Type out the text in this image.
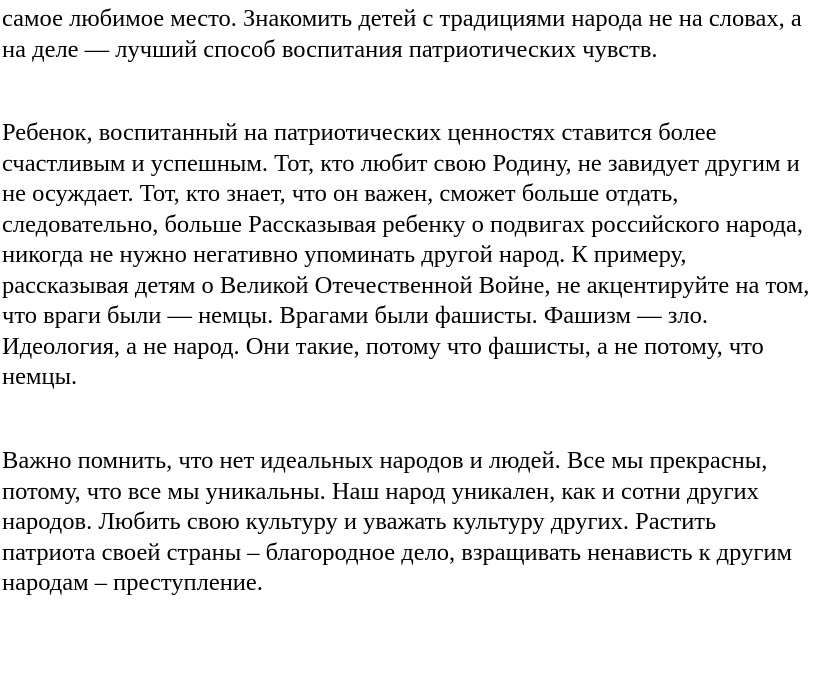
самое любимое место. Знакомить детей с традициями народа не на словах, а
на деле — лучший способ воспитания патриотических чувств.

Ребенок, воспитанный на патриотических ценностях ставится более
счастливым и успешным. Тот, кто любит свою Родину, не завидует другим и
не осуждает. Тот, кто знает, что он важен, сможет больше отдать,
следовательно, больше Рассказывая ребенку о подвигах российского народа,
никогда не нужно негативно упоминать другой народ. К примеру,
рассказывая детям о Великой Отечественной Войне, не акцентируйте на том,
что враги были — немцы. Врагами были фашисты. Фашизм — зло.
Идеология, а не народ. Они такие, потому что фашисты, а не потому, что
немцы.

Важно помнить, что нет идеальных народов и людей. Все мы прекрасны,
потому, что все мы уникальны. Наш народ уникален, как и сотни других
народов. Любить свою культуру и уважать культуру других. Растить
патриота своей страны – благородное дело, взращивать ненависть к другим
народам – преступление.
